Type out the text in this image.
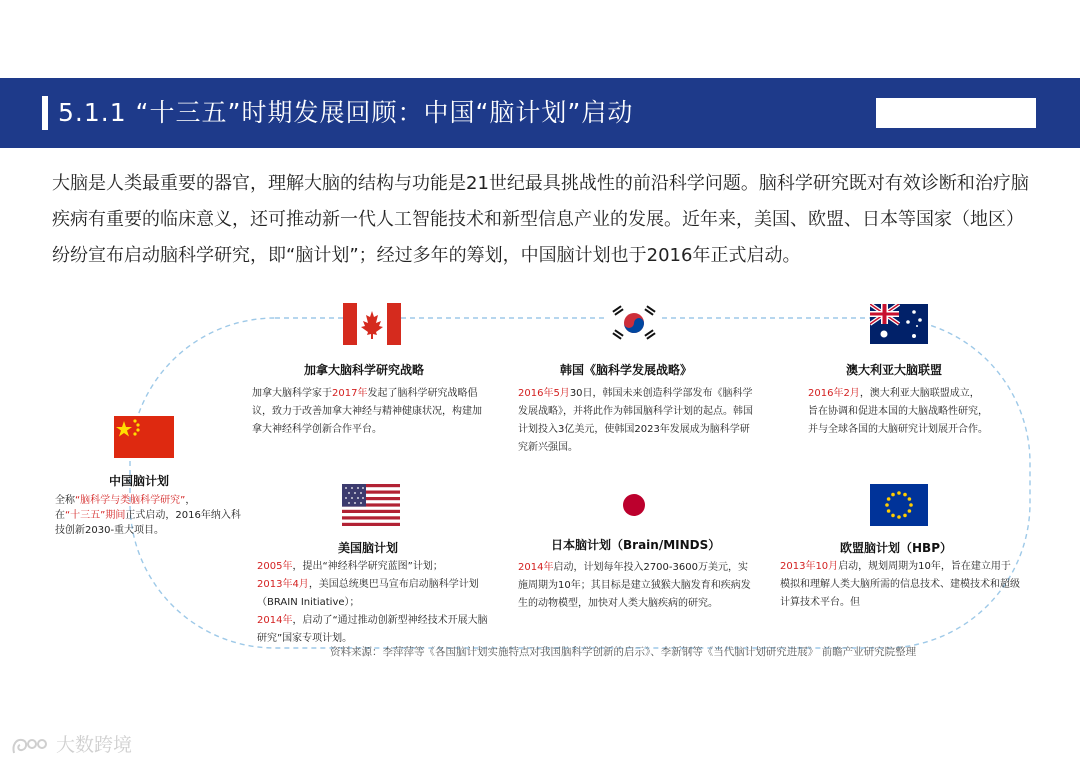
5.1.1 “十三五”时期发展回顾：中国“脑计划”启动
大脑是人类最重要的器官，理解大脑的结构与功能是21世纪最具挑战性的前沿科学问题。脑科学研究既对有效诊断和治疗脑疾病有重要的临床意义，还可推动新一代人工智能技术和新型信息产业的发展。近年来，美国、欧盟、日本等国家（地区）纷纷宣布启动脑科学研究，即“脑计划”；经过多年的筹划，中国脑计划也于2016年正式启动。
加拿大脑科学研究战略
加拿大脑科学家于2017年发起了脑科学研究战略倡议，致力于改善加拿大神经与精神健康状况，构建加拿大神经科学创新合作平台。
韩国《脑科学发展战略》
2016年5月30日，韩国未来创造科学部发布《脑科学发展战略》，并将此作为韩国脑科学计划的起点。韩国计划投入3亿美元，使韩国2023年发展成为脑科学研究新兴强国。
澳大利亚大脑联盟
2016年2月，澳大利亚大脑联盟成立，旨在协调和促进本国的大脑战略性研究，并与全球各国的大脑研究计划展开合作。
中国脑计划
全称“脑科学与类脑科学研究”，
在“十三五”期间正式启动，2016年纳入科技创新2030-重大项目。
美国脑计划
2005年，提出“神经科学研究蓝图”计划；
2013年4月，美国总统奥巴马宣布启动脑科学计划（BRAIN Initiative）；
2014年，启动了“通过推动创新型神经技术开展大脑研究”国家专项计划。
日本脑计划（Brain/MINDS）
2014年启动，计划每年投入2700-3600万美元，实施周期为10年；其目标是建立狨猴大脑发育和疾病发生的动物模型，加快对人类大脑疾病的研究。
欧盟脑计划（HBP）
2013年10月启动，规划周期为10年，旨在建立用于模拟和理解人类大脑所需的信息技术、建模技术和超级计算技术平台。但
资料来源：李萍萍等《各国脑计划实施特点对我国脑科学创新的启示》、李新钢等《当代脑计划研究进展》 前瞻产业研究院整理
大数跨境
